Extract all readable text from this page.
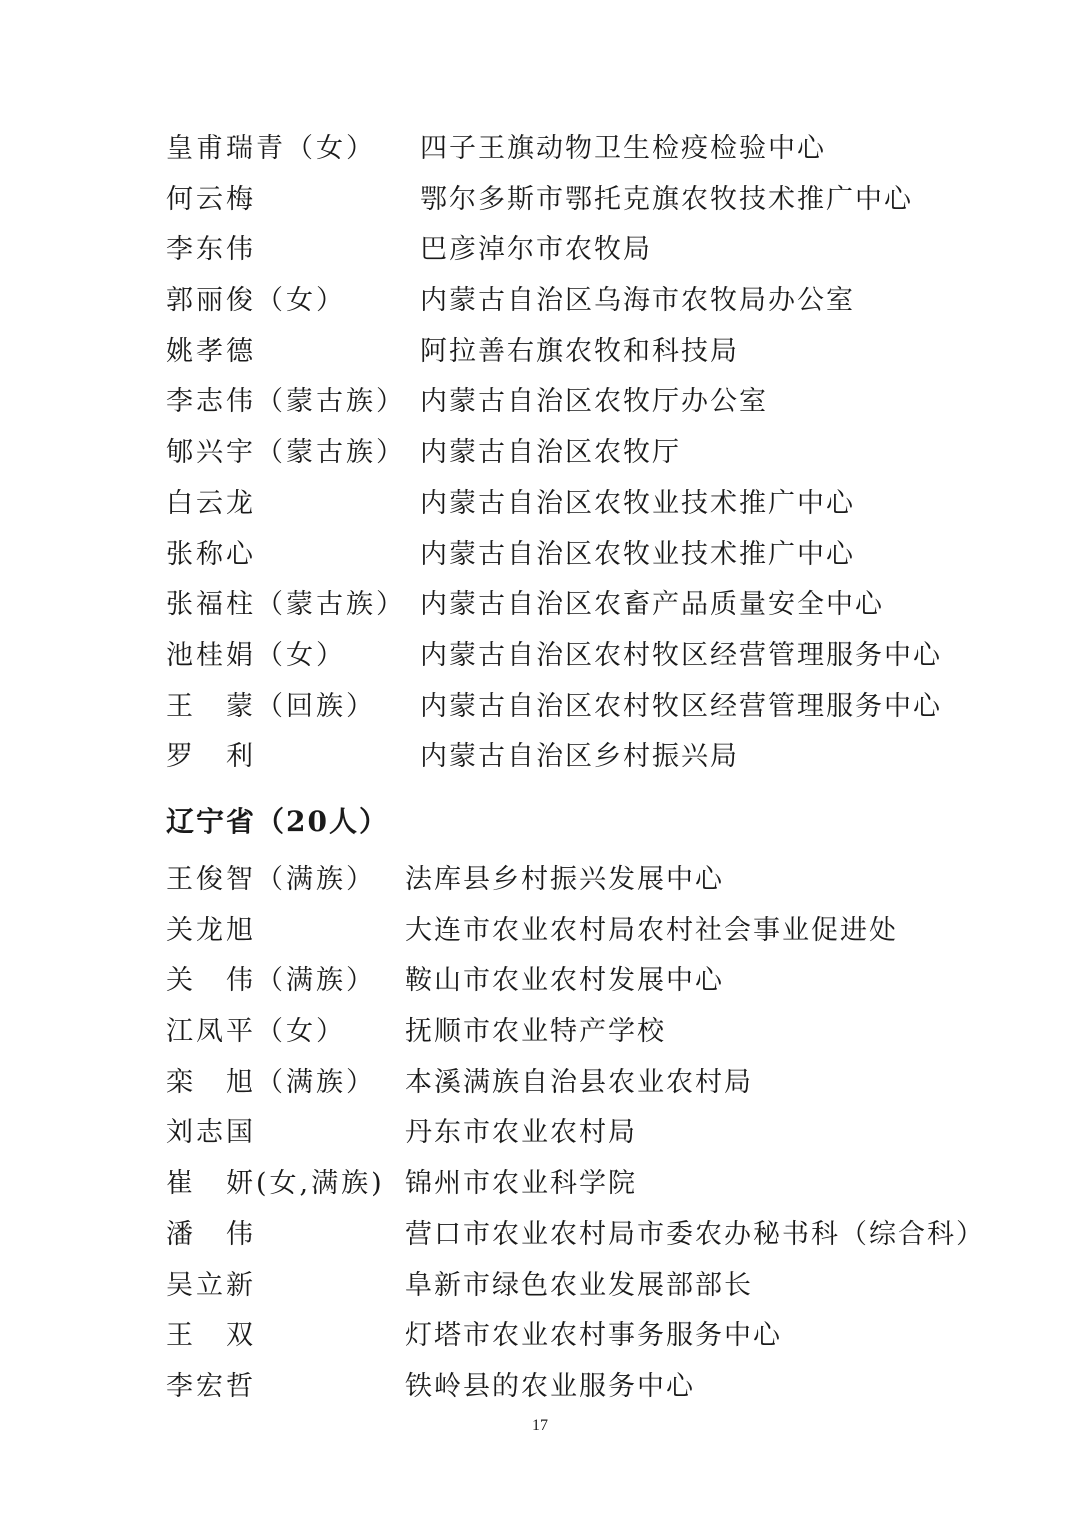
皇甫瑞青（女） 四子王旗动物卫生检疫检验中心
何云梅	鄂尔多斯市鄂托克旗农牧技术推广中心
李东伟	巴彦淖尔市农牧局
郭丽俊（女）	内蒙古自治区乌海市农牧局办公室
姚孝德	阿拉善右旗农牧和科技局
李志伟（蒙古族） 内蒙古自治区农牧厅办公室
郇兴宇（蒙古族） 内蒙古自治区农牧厅
白云龙	内蒙古自治区农牧业技术推广中心
张称心	内蒙古自治区农牧业技术推广中心
张福柱（蒙古族） 内蒙古自治区农畜产品质量安全中心
池桂娟（女）	内蒙古自治区农村牧区经营管理服务中心
王　蒙（回族） 内蒙古自治区农村牧区经营管理服务中心
罗　利	内蒙古自治区乡村振兴局
辽宁省（20人）
王俊智（满族） 法库县乡村振兴发展中心
关龙旭	大连市农业农村局农村社会事业促进处
关　伟（满族） 鞍山市农业农村发展中心
江凤平（女） 抚顺市农业特产学校
栾　旭（满族） 本溪满族自治县农业农村局
刘志国	丹东市农业农村局
崔　妍(女,满族) 锦州市农业科学院
潘　伟	营口市农业农村局市委农办秘书科（综合科）
吴立新	阜新市绿色农业发展部部长
王　双	灯塔市农业农村事务服务中心
李宏哲	铁岭县的农业服务中心
17
